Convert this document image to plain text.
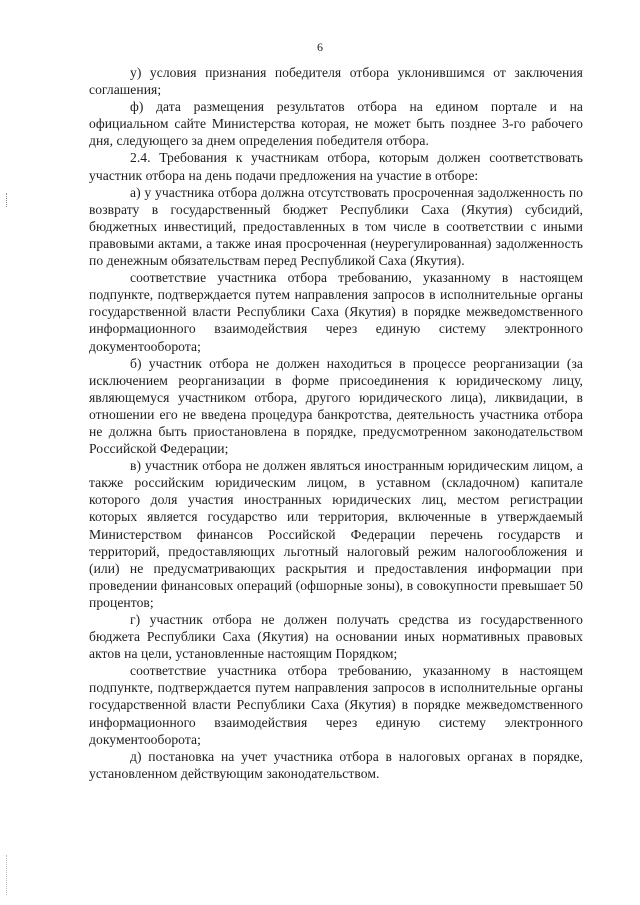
6

у) условия признания победителя отбора уклонившимся от заключения соглашения;

ф) дата размещения результатов отбора на едином портале и на официальном сайте Министерства которая, не может быть позднее 3-го рабочего дня, следующего за днем определения победителя отбора.

2.4. Требования к участникам отбора, которым должен соответствовать участник отбора на день подачи предложения на участие в отборе:

а) у участника отбора должна отсутствовать просроченная задолженность по возврату в государственный бюджет Республики Саха (Якутия) субсидий, бюджетных инвестиций, предоставленных в том числе в соответствии с иными правовыми актами, а также иная просроченная (неурегулированная) задолженность по денежным обязательствам перед Республикой Саха (Якутия).

соответствие участника отбора требованию, указанному в настоящем подпункте, подтверждается путем направления запросов в исполнительные органы государственной власти Республики Саха (Якутия) в порядке межведомственного информационного взаимодействия через единую систему электронного документооборота;

б) участник отбора не должен находиться в процессе реорганизации (за исключением реорганизации в форме присоединения к юридическому лицу, являющемуся участником отбора, другого юридического лица), ликвидации, в отношении его не введена процедура банкротства, деятельность участника отбора не должна быть приостановлена в порядке, предусмотренном законодательством Российской Федерации;

в) участник отбора не должен являться иностранным юридическим лицом, а также российским юридическим лицом, в уставном (складочном) капитале которого доля участия иностранных юридических лиц, местом регистрации которых является государство или территория, включенные в утверждаемый Министерством финансов Российской Федерации перечень государств и территорий, предоставляющих льготный налоговый режим налогообложения и (или) не предусматривающих раскрытия и предоставления информации при проведении финансовых операций (офшорные зоны), в совокупности превышает 50 процентов;

г) участник отбора не должен получать средства из государственного бюджета Республики Саха (Якутия) на основании иных нормативных правовых актов на цели, установленные настоящим Порядком;

соответствие участника отбора требованию, указанному в настоящем подпункте, подтверждается путем направления запросов в исполнительные органы государственной власти Республики Саха (Якутия) в порядке межведомственного информационного взаимодействия через единую систему электронного документооборота;

д) постановка на учет участника отбора в налоговых органах в порядке, установленном действующим законодательством.
